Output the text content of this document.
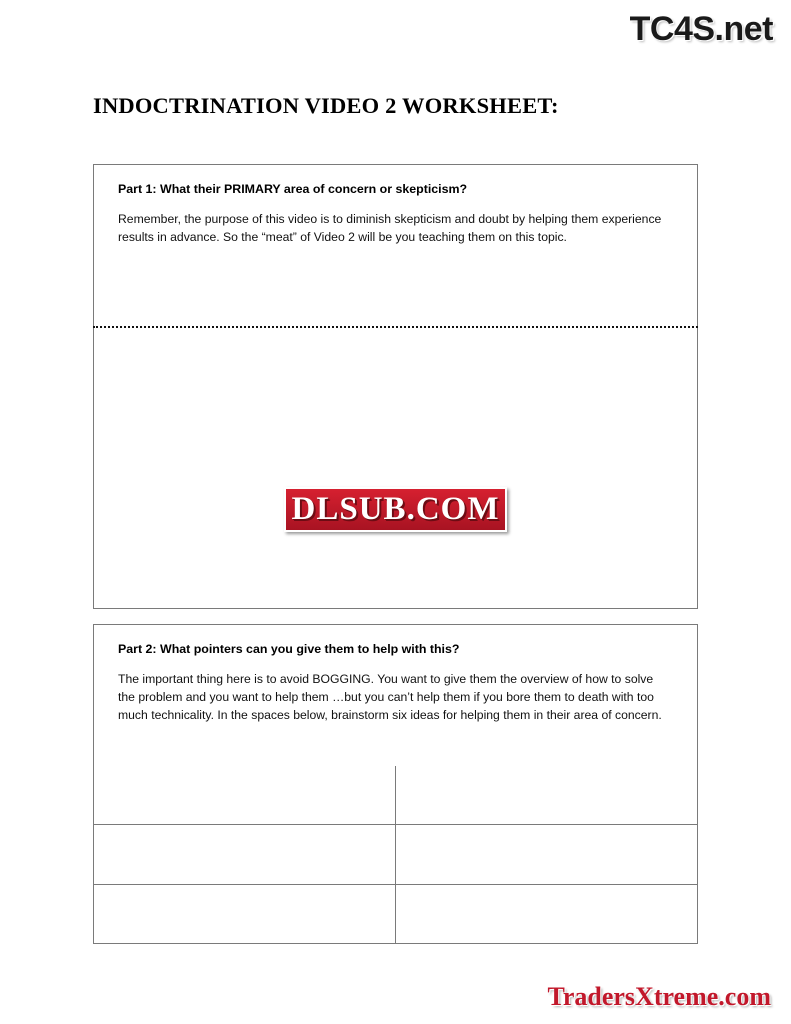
TC4S.net
INDOCTRINATION VIDEO 2 WORKSHEET:

Part 1: What their PRIMARY area of concern or skepticism?

Remember, the purpose of this video is to diminish skepticism and doubt by helping them experience results in advance. So the “meat” of Video 2 will be you teaching them on this topic.

DLSUB.COM

Part 2: What pointers can you give them to help with this?

The important thing here is to avoid BOGGING. You want to give them the overview of how to solve the problem and you want to help them …but you can’t help them if you bore them to death with too much technicality. In the spaces below, brainstorm six ideas for helping them in their area of concern.

TradersXtreme.com
